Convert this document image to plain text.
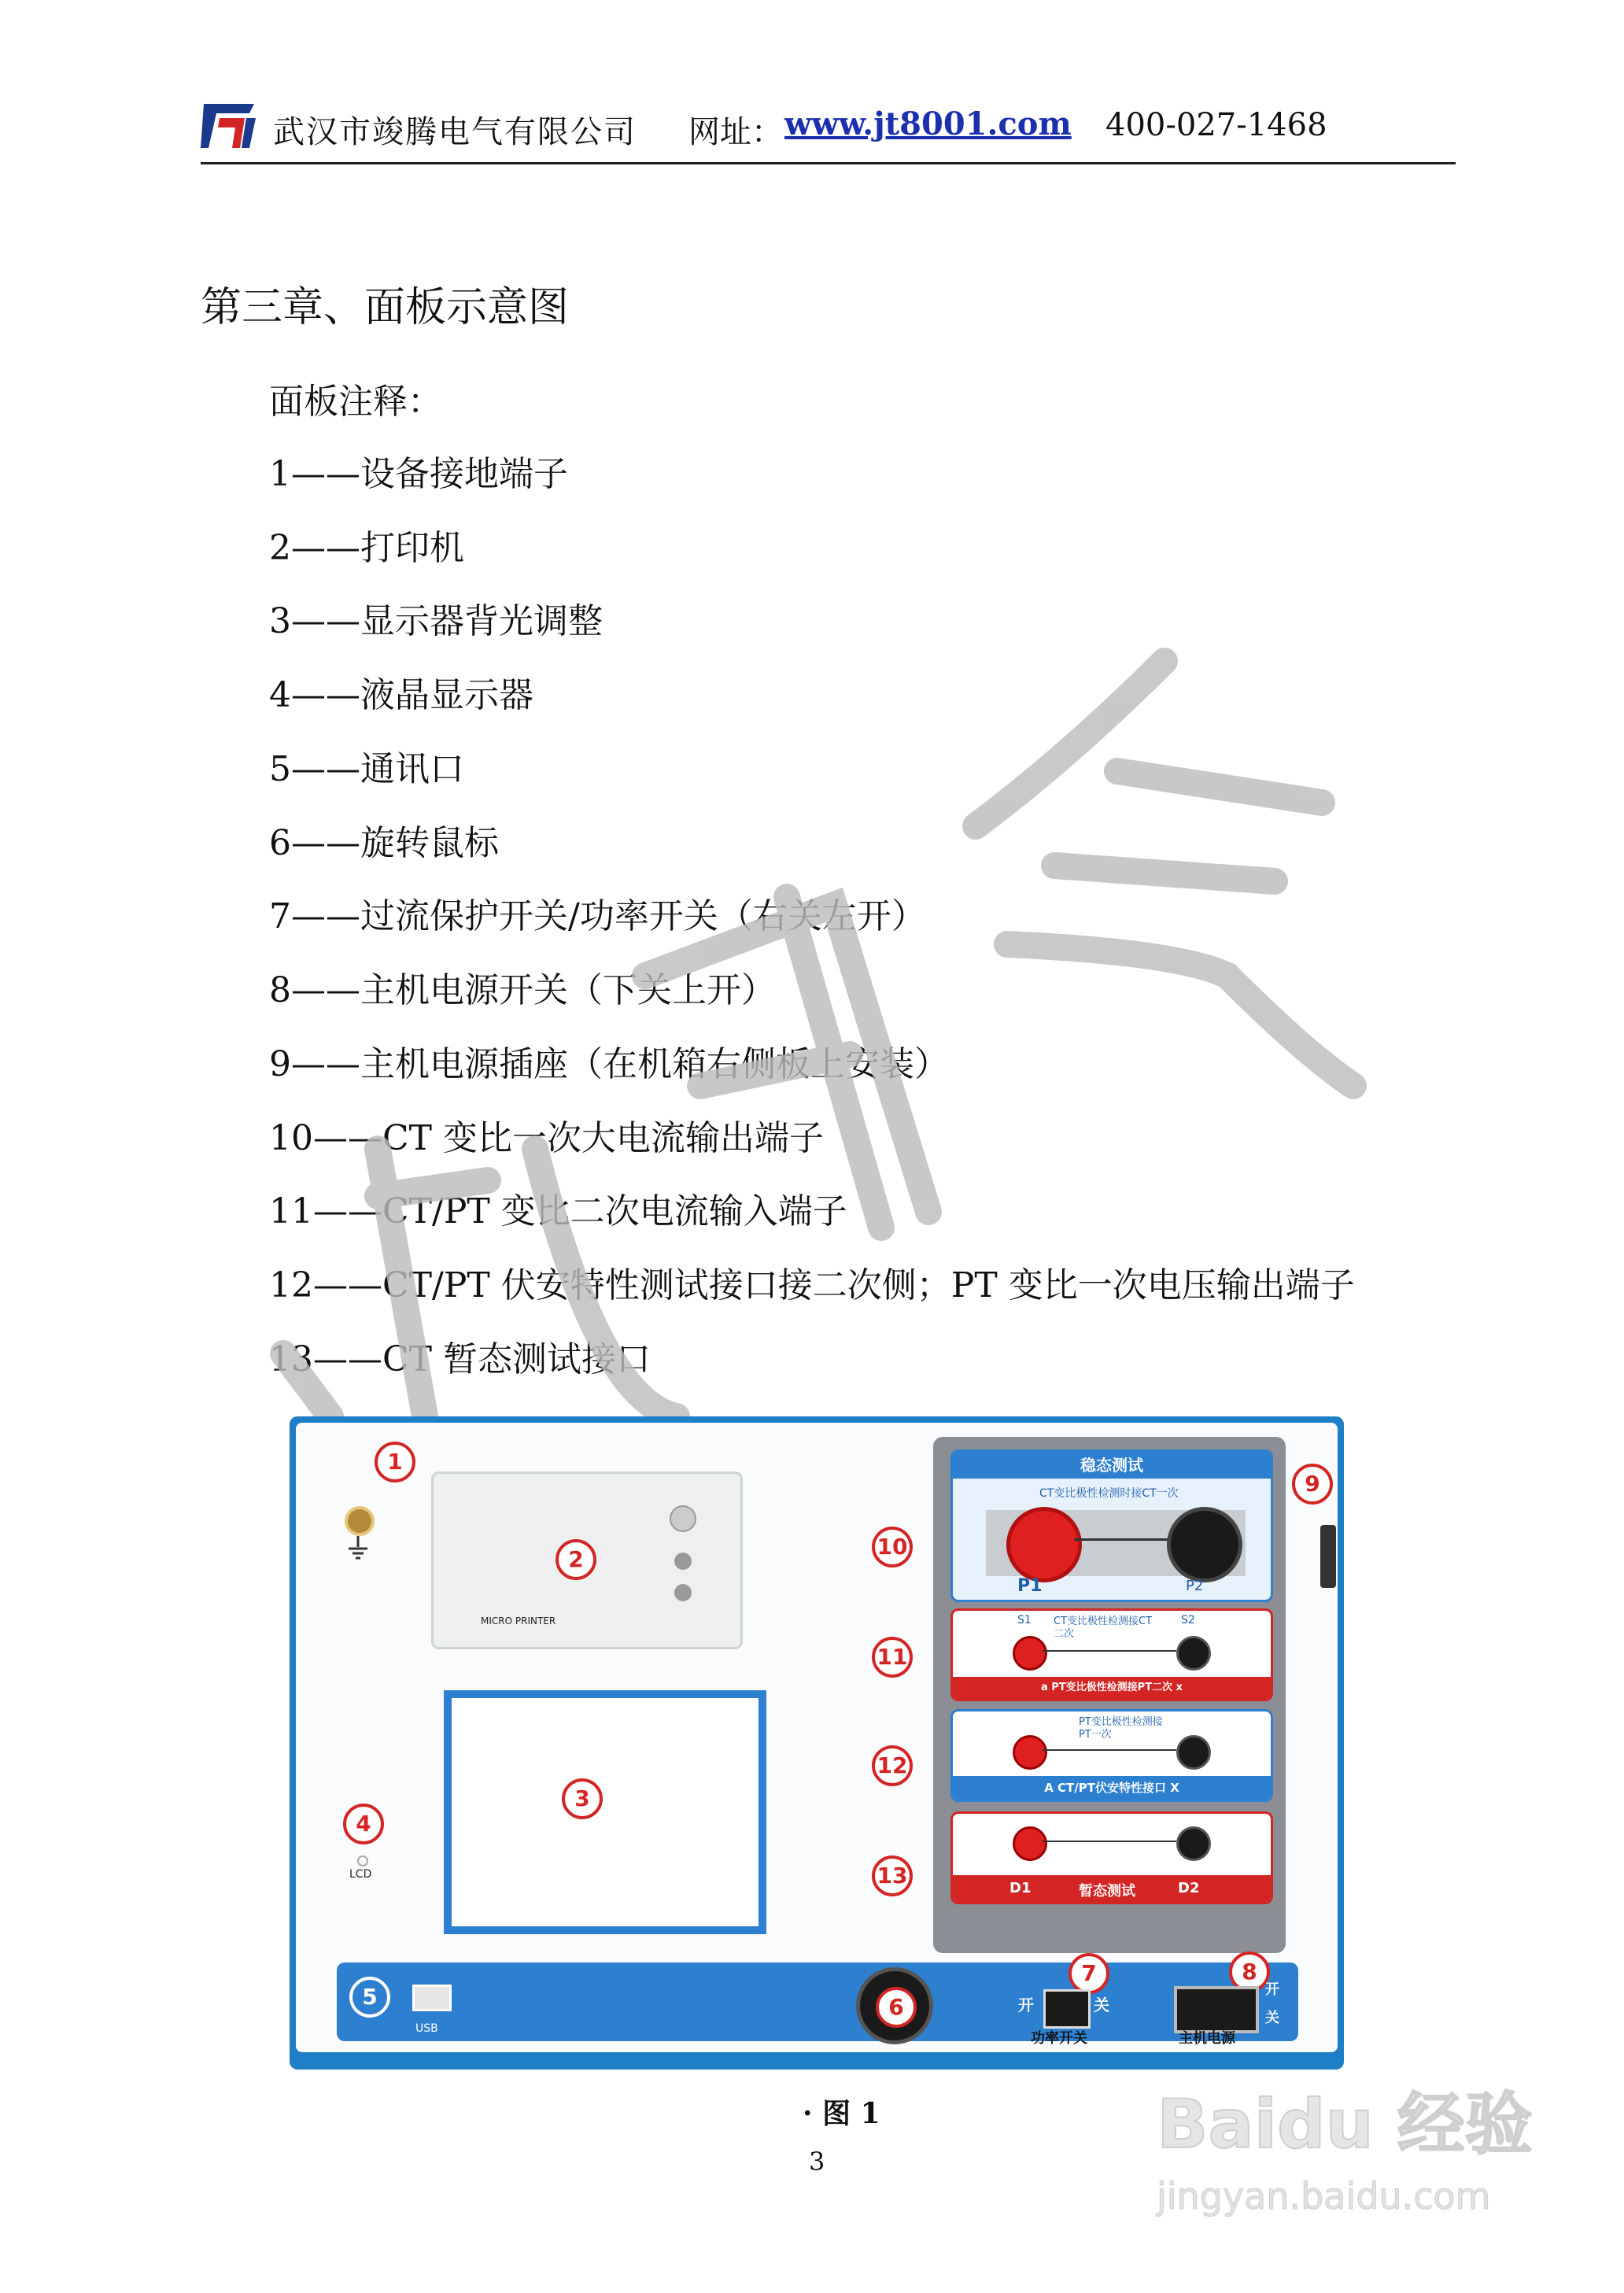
武汉市竣腾电气有限公司 网址： www.jt8001.com 400-027-1468
第三章、面板示意图
面板注释：
1——设备接地端子
2——打印机
3——显示器背光调整
4——液晶显示器
5——通讯口
6——旋转鼠标
7——过流保护开关/功率开关（右关左开）
8——主机电源开关（下关上开）
9——主机电源插座（在机箱右侧板上安装）
10——CT 变比一次大电流输出端子
11——CT/PT 变比二次电流输入端子
12——CT/PT 伏安特性测试接口接二次侧；PT 变比一次电压输出端子
13——CT 暂态测试接口
1
MICRO PRINTER
2
3
4
LCD
稳态测试
CT变比极性检测时接CT一次
P1	P2
S1	S2
CT变比极性检测接CT二次
a PT变比极性检测接PT二次 x
PT变比极性检测接PT一次
A CT/PT伏安特性接口 X
D1	暂态测试	D2
10
11
12
13
9
5
USB
6
7
开	关
功率开关
8
开
关
主机电源
· 图 1
3	Baidu 经验
jingyan.baidu.com
